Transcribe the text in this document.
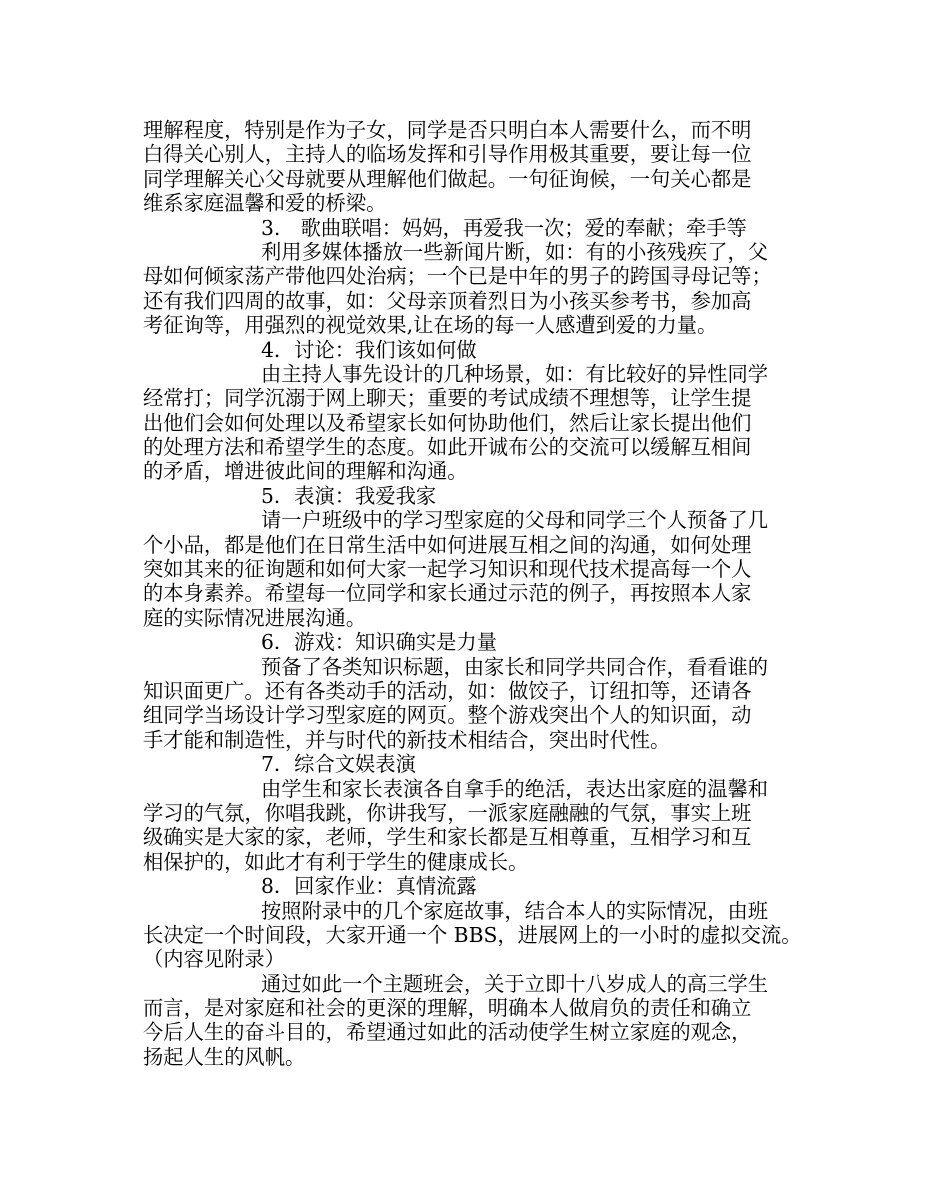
理解程度，特别是作为子女，同学是否只明白本人需要什么，而不明
白得关心别人，主持人的临场发挥和引导作用极其重要，要让每一位
同学理解关心父母就要从理解他们做起。一句征询候，一句关心都是
维系家庭温馨和爱的桥梁。
3.　歌曲联唱：妈妈，再爱我一次；爱的奉献；牵手等
利用多媒体播放一些新闻片断，如：有的小孩残疾了，父
母如何倾家荡产带他四处治病；一个已是中年的男子的跨国寻母记等；
还有我们四周的故事，如：父母亲顶着烈日为小孩买参考书，参加高
考征询等，用强烈的视觉效果,让在场的每一人感遭到爱的力量。
4．讨论：我们该如何做
由主持人事先设计的几种场景，如：有比较好的异性同学
经常打；同学沉溺于网上聊天；重要的考试成绩不理想等，让学生提
出他们会如何处理以及希望家长如何协助他们，然后让家长提出他们
的处理方法和希望学生的态度。如此开诚布公的交流可以缓解互相间
的矛盾，增进彼此间的理解和沟通。
5．表演：我爱我家
请一户班级中的学习型家庭的父母和同学三个人预备了几
个小品，都是他们在日常生活中如何进展互相之间的沟通，如何处理
突如其来的征询题和如何大家一起学习知识和现代技术提高每一个人
的本身素养。希望每一位同学和家长通过示范的例子，再按照本人家
庭的实际情况进展沟通。
6．游戏：知识确实是力量
预备了各类知识标题，由家长和同学共同合作，看看谁的
知识面更广。还有各类动手的活动，如：做饺子，订纽扣等，还请各
组同学当场设计学习型家庭的网页。整个游戏突出个人的知识面，动
手才能和制造性，并与时代的新技术相结合，突出时代性。
7．综合文娱表演
由学生和家长表演各自拿手的绝活，表达出家庭的温馨和
学习的气氛，你唱我跳，你讲我写，一派家庭融融的气氛，事实上班
级确实是大家的家，老师，学生和家长都是互相尊重，互相学习和互
相保护的，如此才有利于学生的健康成长。
8．回家作业：真情流露
按照附录中的几个家庭故事，结合本人的实际情况，由班
长决定一个时间段，大家开通一个 BBS，进展网上的一小时的虚拟交流。
（内容见附录）
通过如此一个主题班会，关于立即十八岁成人的高三学生
而言，是对家庭和社会的更深的理解，明确本人做肩负的责任和确立
今后人生的奋斗目的，希望通过如此的活动使学生树立家庭的观念，
扬起人生的风帆。
